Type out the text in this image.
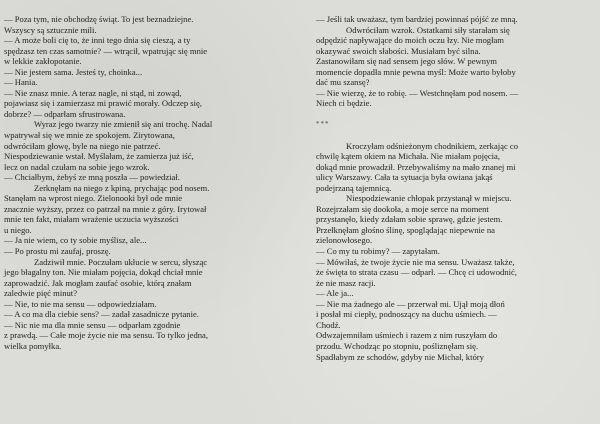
— Poza tym, nie obchodzę świąt. To jest beznadziejne.
Wszyscy są sztucznie mili.
— A może boli cię to, że inni tego dnia się cieszą, a ty
spędzasz ten czas samotnie? — wtrącił, wpatrując się mnie
w lekkie zakłopotanie.
— Nie jestem sama. Jesteś ty, choinka...
— Hania.
— Nie znasz mnie. A teraz nagle, ni stąd, ni zowąd,
pojawiasz się i zamierzasz mi prawić morały. Odczep się,
dobrze? — odparłam sfrustrowana.
Wyraz jego twarzy nie zmienił się ani trochę. Nadal
wpatrywał się we mnie ze spokojem. Zirytowana,
odwróciłam głowę, byle na niego nie patrzeć.
Niespodziewanie wstał. Myślałam, że zamierza już iść,
lecz on nadal czułam na sobie jego wzrok.
— Chciałbym, żebyś ze mną poszła — powiedział.
Zerknęłam na niego z kpiną, prychając pod nosem.
Stanęłam na wprost niego. Zielonooki był ode mnie
znacznie wyższy, przez co patrzał na mnie z góry. Irytował
mnie ten fakt, miałam wrażenie uczucia wyższości
u niego.
— Ja nie wiem, co ty sobie myślisz, ale...
— Po prostu mi zaufaj, proszę.
Zadziwił mnie. Poczułam ukłucie w sercu, słysząc
jego błagalny ton. Nie miałam pojęcia, dokąd chciał mnie
zaprowadzić. Jak mogłam zaufać osobie, którą znałam
zaledwie pięć minut?
— Nie, to nie ma sensu — odpowiedziałam.
— A co ma dla ciebie sens? — zadał zasadnicze pytanie.
— Nic nie ma dla mnie sensu — odparłam zgodnie
z prawdą. — Całe moje życie nie ma sensu. To tylko jedna,
wielka pomyłka.
— Jeśli tak uważasz, tym bardziej powinnaś pójść ze mną.
Odwróciłam wzrok. Ostatkami siły starałam się
odpędzić napływające do moich oczu łzy. Nie mogłam
okazywać swoich słabości. Musiałam być silna.
Zastanowiłam się nad sensem jego słów. W pewnym
momencie dopadła mnie pewna myśl: Może warto byłoby
dać mu szansę?
— Nie wierzę, że to robię. — Westchnęłam pod nosem. —
Niech ci będzie.
***
Kroczyłam odśnieżonym chodnikiem, zerkając co
chwilę kątem okiem na Michała. Nie miałam pojęcia,
dokąd mnie prowadził. Przebywaliśmy na mało znanej mi
ulicy Warszawy. Cała ta sytuacja była owiana jakąś
podejrzaną tajemnicą.
Niespodziewanie chłopak przystanął w miejscu.
Rozejrzałam się dookoła, a moje serce na moment
przystanęło, kiedy zdałam sobie sprawę, gdzie jestem.
Przełknęłam głośno ślinę, spoglądając niepewnie na
zielonowłosego.
— Co my tu robimy? — zapytałam.
— Mówiłaś, że twoje życie nie ma sensu. Uważasz także,
że święta to strata czasu — odparł. — Chcę ci udowodnić,
że nie masz racji.
— Ale ja...
— Nie ma żadnego ale — przerwał mi. Ujął moją dłoń
i posłał mi ciepły, podnoszący na duchu uśmiech. —
Chodź.
Odwzajemniłam uśmiech i razem z nim ruszyłam do
przodu. Wchodząc po stopniu, pośliznęłam się.
Spadłabym ze schodów, gdyby nie Michał, który
